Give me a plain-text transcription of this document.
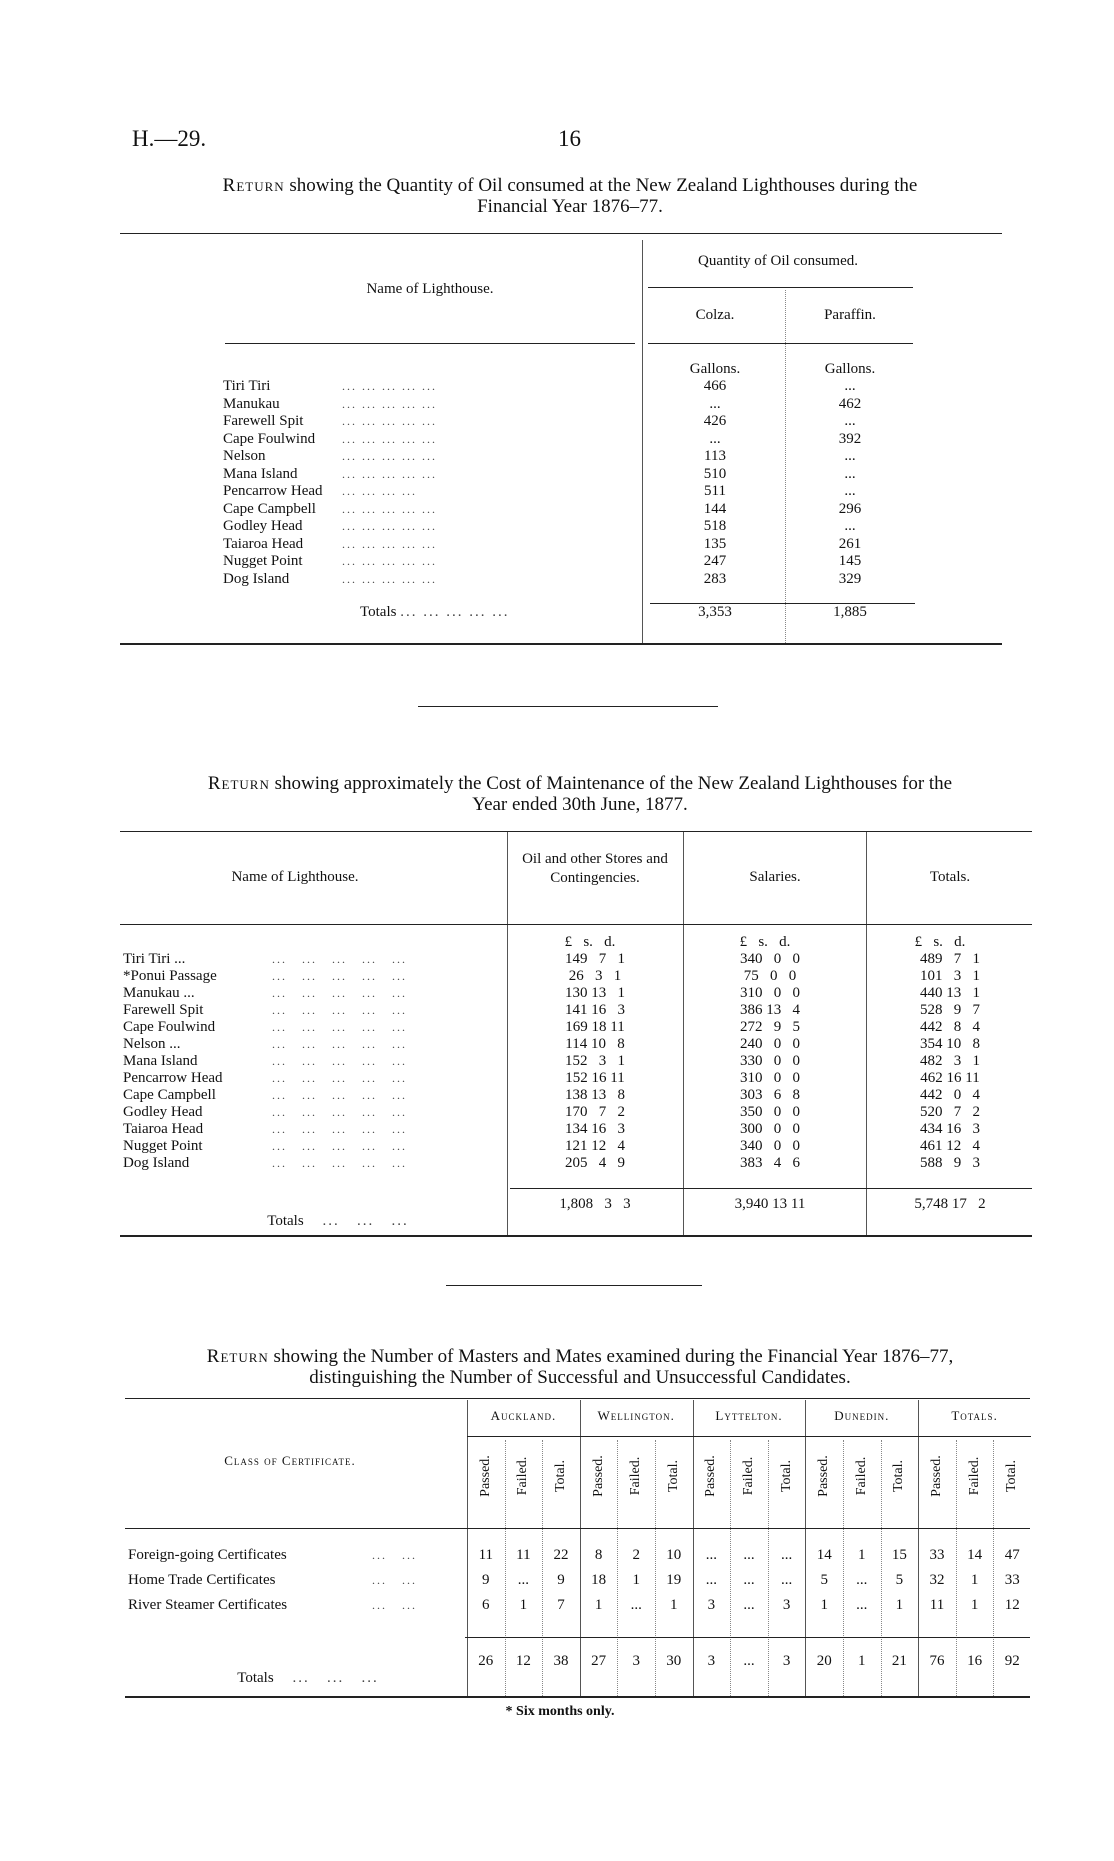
H.—29.	16
Return showing the Quantity of Oil consumed at the New Zealand Lighthouses during the
Financial Year 1876–77.
Name of Lighthouse.
Quantity of Oil consumed.
Colza.	Paraffin.
Gallons.	Gallons.
Tiri Tiri	... ... ... ... ...	466	...
Manukau	... ... ... ... ...	...	462
Farewell Spit	... ... ... ... ...	426	...
Cape Foulwind ... ... ... ... ...	...	392
Nelson	... ... ... ... ...	113	...
Mana Island	... ... ... ... ...	510	...
Pencarrow Head ... ... ... ...	511	...
Cape Campbell ... ... ... ... ...	144	296
Godley Head	... ... ... ... ...	518	...
Taiaroa Head	... ... ... ... ...	135	261
Nugget Point	... ... ... ... ...	247	145
Dog Island	... ... ... ... ...	283	329
Totals ... ... ... ... ...	3,353	1,885
Return showing approximately the Cost of Maintenance of the New Zealand Lighthouses for the
Year ended 30th June, 1877.
Name of Lighthouse.
Oil and other Stores and Contingencies.	Salaries.	Totals.
£   s.   d.	£   s.   d.	£   s.   d.
Tiri Tiri ...	...   ...   ...   ...   ...	149   7   1	340   0   0	489   7   1
*Ponui Passage	...   ...   ...   ...   ...	26   3   1	75   0   0	101   3   1
Manukau ...	...   ...   ...   ...   ...	130 13   1	310   0   0	440 13   1
Farewell Spit	...   ...   ...   ...   ...	141 16   3	386 13   4	528   9   7
Cape Foulwind	...   ...   ...   ...   ...	169 18 11	272   9   5	442   8   4
Nelson ...	...   ...   ...   ...   ...	114 10   8	240   0   0	354 10   8
Mana Island	...   ...   ...   ...   ...	152   3   1	330   0   0	482   3   1
Pencarrow Head	...   ...   ...   ...   ...	152 16 11	310   0   0	462 16 11
Cape Campbell	...   ...   ...   ...   ...	138 13   8	303   6   8	442   0   4
Godley Head	...   ...   ...   ...   ...	170   7   2	350   0   0	520   7   2
Taiaroa Head	...   ...   ...   ...   ...	134 16   3	300   0   0	434 16   3
Nugget Point	...   ...   ...   ...   ...	121 12   4	340   0   0	461 12   4
Dog Island	...   ...   ...   ...   ...	205   4   9	383   4   6	588   9   3

Totals ...   ...   ...

1,808   3   3	3,940 13 11	5,748 17   2
Return showing the Number of Masters and Mates examined during the Financial Year 1876–77,
distinguishing the Number of Successful and Unsuccessful Candidates.
Class of Certificate.
Auckland.
Passed. Failed. Total.
Wellington.
Passed. Failed. Total.
Lyttelton.
Passed. Failed. Total.
Dunedin.
Passed. Failed. Total.
Totals.
Passed. Failed. Total.
Foreign-going Certificates	...   ...	11	11	22	8	2	10	...	...	...	14	1	15	33	14	47
Home Trade Certificates	...   ...	9	...	9	18	1	19	...	...	...	5	...	5	32	1	33
River Steamer Certificates	...   ...	6	1	7	1	...	1	3	...	3	1	...	1	11	1	12

Totals ...   ...   ...

26	12	38	27	3	30	3	...	3	20	1	21	76	16	92
* Six months only.
